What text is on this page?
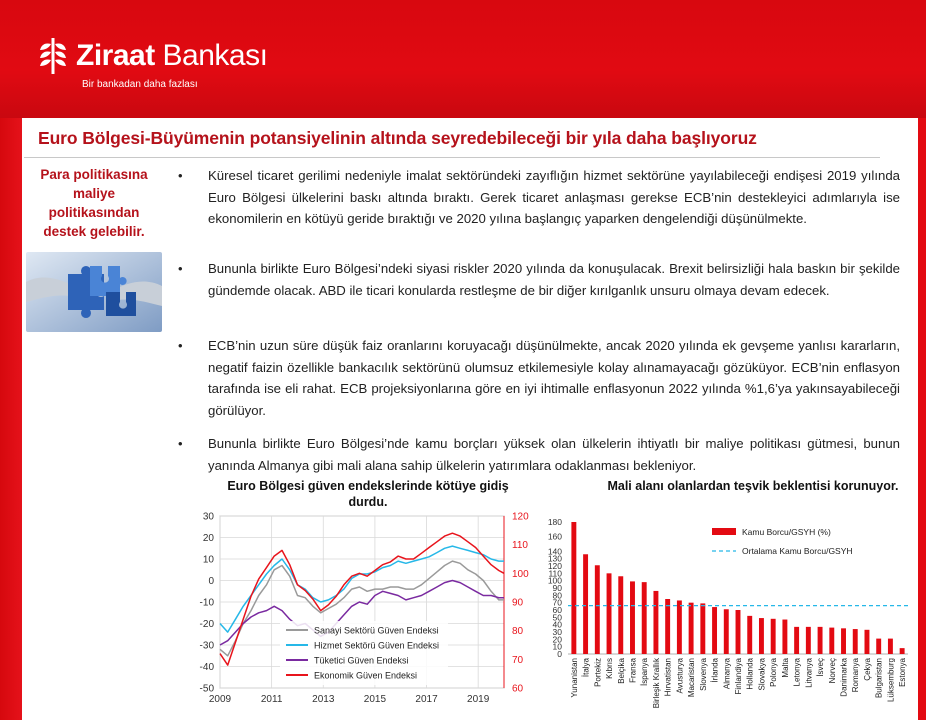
Ziraat Bankası
Bir bankadan daha fazlası
Euro Bölgesi-Büyümenin potansiyelinin altında seyredebileceği bir yıla daha başlıyoruz
Para politikasına maliye politikasından destek gelebilir.
• Küresel ticaret gerilimi nedeniyle imalat sektöründeki zayıflığın hizmet sektörüne yayılabileceği endişesi 2019 yılında Euro Bölgesi ülkelerini baskı altında bıraktı. Gerek ticaret anlaşması gerekse ECB’nin destekleyici adımlarıyla ise ekonomilerin en kötüyü geride bıraktığı ve 2020 yılına başlangıç yaparken dengelendiği düşünülmekte.
• Bununla birlikte Euro Bölgesi’ndeki siyasi riskler 2020 yılında da konuşulacak. Brexit belirsizliği hala baskın bir şekilde gündemde olacak. ABD ile ticari konularda restleşme de bir diğer kırılganlık unsuru olmaya devam edecek.
• ECB’nin uzun süre düşük faiz oranlarını koruyacağı düşünülmekte, ancak 2020 yılında ek gevşeme yanlısı kararların, negatif faizin özellikle bankacılık sektörünü olumsuz etkilemesiyle kolay alınamayacağı gözüküyor. ECB’nin enflasyon tarafında ise eli rahat. ECB projeksiyonlarına göre en iyi ihtimalle enflasyonun 2022 yılında %1,6’ya yakınsayabileceği görülüyor.
• Bununla birlikte Euro Bölgesi’nde kamu borçları yüksek olan ülkelerin ihtiyatlı bir maliye politikası gütmesi, bunun yanında Almanya gibi mali alana sahip ülkelerin yatırımlara odaklanması bekleniyor.
Euro Bölgesi güven endekslerinde kötüye gidiş durdu.
Mali alanı olanlardan teşvik beklentisi korunuyor.
30
20
10
0
-10
-20
-30
-40
-50
2009	2011	2013	2015	2017	2019
120
110
100
90
80
70
60
Sanayi Sektörü Güven Endeksi
Hizmet Sektörü Güven Endeksi
Tüketici Güven Endeksi
Ekonomik Güven Endeksi
0
10
20
30
40
50
60
70
80
90
100
110
120
130
140
160
180
Yunanistan İtalya Portekiz Kıbrıs Belçika Fransa İspanya Birleşik Krallık Hırvatistan Avusturya Macaristan Slovenya İrlanda Almanya Finlandiya Hollanda Slovakya Polonya Malta Letonya Litvanya İsveç Norveç Danimarka Romanya Çekya Bulgaristan Lüksemburg Estonya
Kamu Borcu/GSYH (%)
Ortalama Kamu Borcu/GSYH
